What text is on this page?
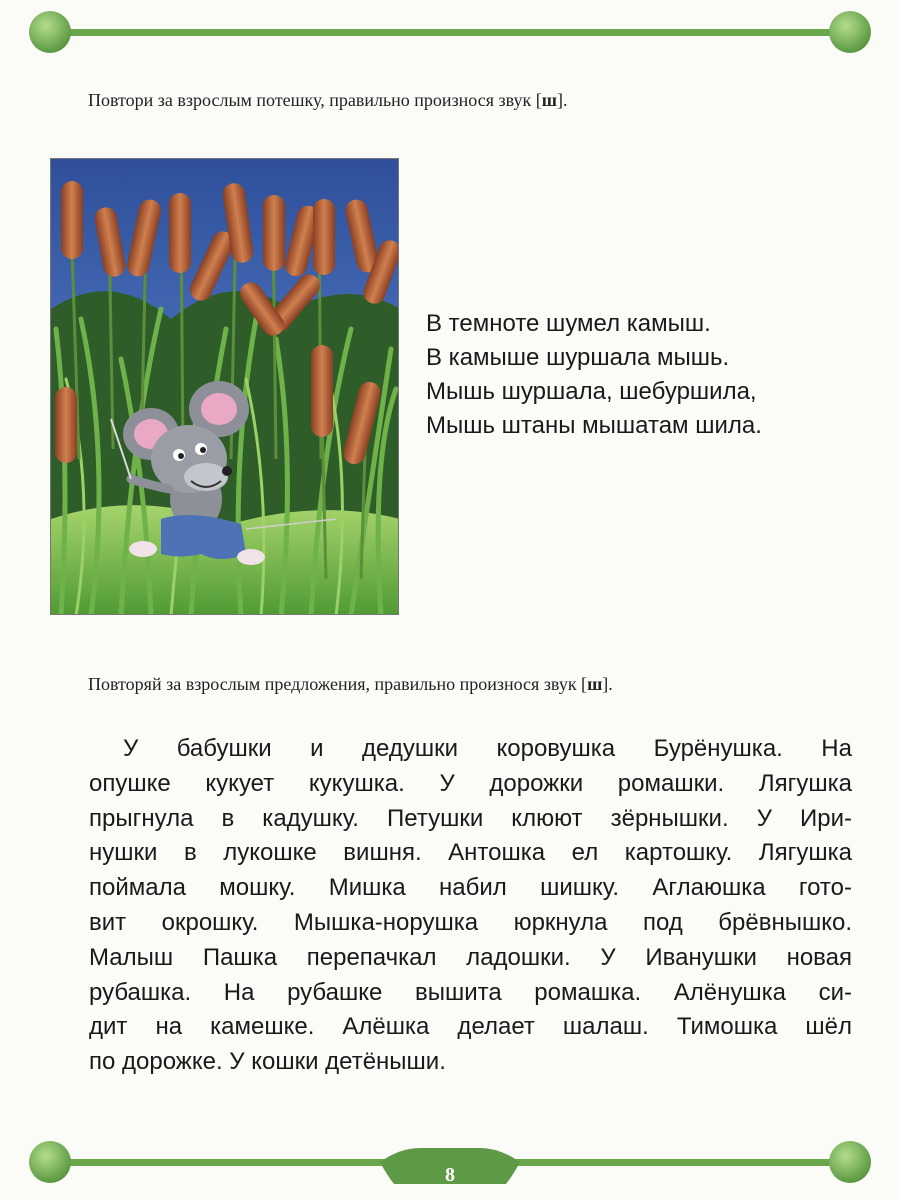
Повтори за взрослым потешку, правильно произнося звук [ш].
В темноте шумел камыш.
В камыше шуршала мышь.
Мышь шуршала, шебуршила,
Мышь штаны мышатам шила.
Повторяй за взрослым предложения, правильно произнося звук [ш].
У бабушки и дедушки коровушка Бурёнушка. На
опушке кукует кукушка. У дорожки ромашки. Лягушка
прыгнула в кадушку. Петушки клюют зёрнышки. У Ири-
нушки в лукошке вишня. Антошка ел картошку. Лягушка
поймала мошку. Мишка набил шишку. Аглаюшка гото-
вит окрошку. Мышка-норушка юркнула под брёвнышко.
Малыш Пашка перепачкал ладошки. У Иванушки новая
рубашка. На рубашке вышита ромашка. Алёнушка си-
дит на камешке. Алёшка делает шалаш. Тимошка шёл
по дорожке. У кошки детёныши.
8
